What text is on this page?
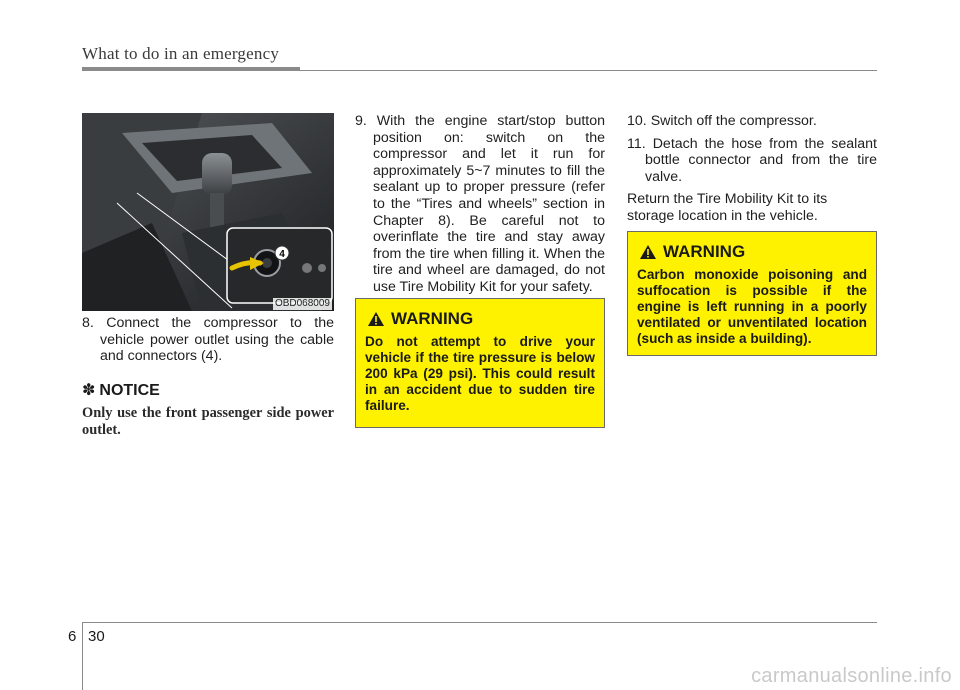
What to do in an emergency
4
OBD068009
8. Connect the compressor to the vehicle power outlet using the cable and connectors (4).
✽ NOTICE
Only use the front passenger side power outlet.
9. With the engine start/stop button position on: switch on the compressor and let it run for approximately 5~7 minutes to fill the sealant up to proper pressure (refer to the “Tires and wheels” section in Chapter 8). Be careful not to overinflate the tire and stay away from the tire when filling it. When the tire and wheel are damaged, do not use Tire Mobility Kit for your safety.
WARNING
Do not attempt to drive your vehicle if the tire pressure is below 200 kPa (29 psi). This could result in an accident due to sudden tire failure.
10. Switch off the compressor.
11. Detach the hose from the sealant bottle connector and from the tire valve.
Return the Tire Mobility Kit to its storage location in the vehicle.
WARNING
Carbon monoxide poisoning and suffocation is possible if the engine is left running in a poorly ventilated or unventilated location (such as inside a building).
6 30
carmanualsonline.info
